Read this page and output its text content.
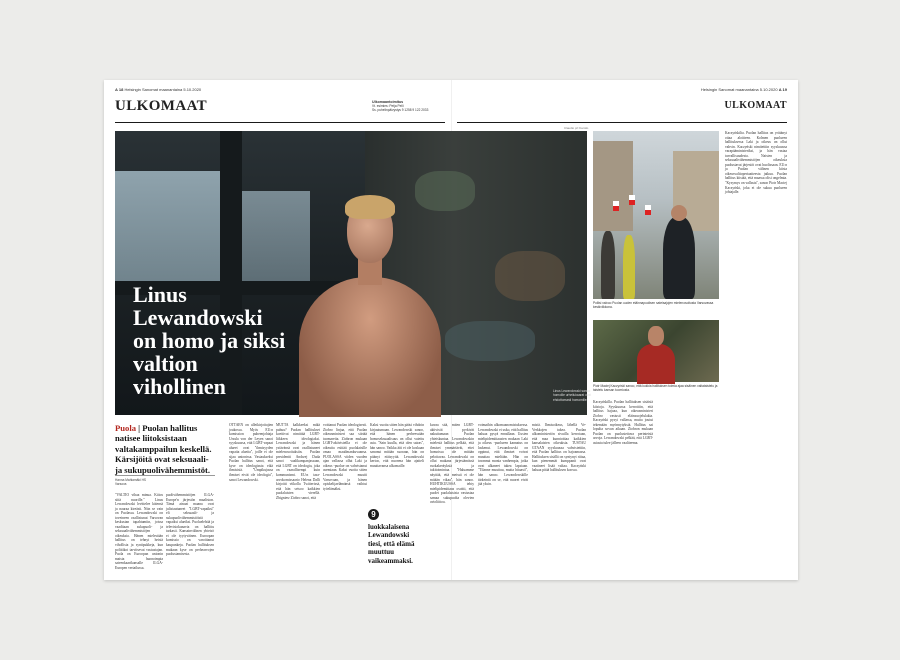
A 18 Helsingin Sanomat maanantaina 5.10.2020	Helsingin Sanomat maanantaina 5.10.2020 A 19
ULKOMAAT	ULKOMAAT
Ulkomaantoimitus
Vt. esimies: Petja Pelli
Ss. puhelinpäivystys 9 1258 9 122 2033
Claudio prl Kamilo
Linus Lewandowski on homo ja siksi valtion vihollinen	Linus Lewandowski sanoo homoille urheilukaarat ovat ehdottomasti homomille.
Poliisi valvoo Puolan uuden etäinnapuolisen sateisajojen mielenosoitusta Varsovassa keskiviikkona.
Piotr Maciej Kaczyński sanoo, että kukkia hallituksen toimia ajaa sisäinen valtataistelu ja taistelu kansan tuomiosta.
Puola | Puolan hallitus natisee liitoksistaan valtakamppailun keskellä. Kärsijöitä ovat seksuaali- ja sukupuolivähemmistöt.
Hanna Mahlamäki HS
Varsova
"VALTIO vihaa minua. Kiitos siitä nuorille." Linus Lewandowski levittelee kätensä ja nauraa kireästi. Niin se vain on Puolassa. Lewandowski on toveineen osallistunut Varsovan keskustan tapahtumiin, joissa vaaditaan sukupuoli- ja seksuaalivähemmistöjen oikeuksia. Hänen mielestään hallitus on tehnyt heistä vihollisia ja syntipukkeja, kun poliitikot tarvitsevat vastustajan. Puola on Euroopan unionin maista huonoimpia sateenkaarikansalle ILGA-Europen vertailussa.
puolivähemmistöjen ILGA-Europe'n järjestön maaliston. Tämä ainoat maana ovat julistautuneet "LGBT-vapaiksi" eli seksuaali- ja sukupuolivähemmistöistä vapaiksi alueiksi. Puoluelehtiä ja televisiokanavia on hallittu tarkasti. Kansainvälinen yhteisö ei ole tyytyväinen. Euroopan komissio on varoittanut kaupunkeja. Puolan hallituksen mukaan kyse on perhearvojen puolustamisesta.
OTTAEN on alleikirjoitajien joukossa. Myös EU:n komission puheenjohtaja Ursula von der Leyen sanoi syyskuussa, että LGBT-vapaat alueet ovat "ihmisyyden vapaita alueita", joille ei ole sijaa unionissa. Vastaukseksi Puolan hallitus sanoi, että kyse on ideologiasta eikä ihmisistä. "Umpikujassa ihmiset eivät ole ideologia", sanoi Lewandowski.
MUTTA kalkkeeksi mikä puhuu? Puolan hallitukset koettivat nimittää LGBT-liikkeen ideologiaksi. Lewandowski ja hänen ystävänsä ovat osallistuneet mielenosoituksiin. Puolan presidentti Andrzej Duda sanoi vaalikampanjassaan, että LGBT on ideologia, joka on vaarallisempi kuin kommunismi. EU:n tasa-arvokomissaario Helena Dalli kirjoitti viikolla Twitterissä, että hän seisoo kaikkien puolalaisten vierellä. Zbigniew Ziobro sanoi, että
voittanut Puolan ideologisesti. Ziobro linjaa, että Puolan oikeusministeri saa siirtää tuomareita. Ziobron mukaan LGBT-aktivisteilla ei ole oikeutta esittää puolalaisille omaa maailmankuvaansa. PUOLASSA viiden vuoden ajan vallassa ollut Laki ja oikeus -puolue on vahvistanut asemiaan. Kaksi vuotta sitten Lewandowski muutti Varsovaan, ja hänen opiskelijaelämänsä vaihtui työelämäksi.
Kaksi vuotta sitten hän pääsi vihdoin kirjautumaan. Lewandowski sanoo, että hänen perheessään homoseksuaalisuus on ollut vaiettu asia. "Sain kuulla, että olen sairas", hän sanoo. Vaikka äiti ei ole koskaan sanonut mitään suoraan, hän on pitänyt etäisyyttä. Lewandowski kertoo, että nuorena hän ajatteli muuttavansa ulkomaille.
9
luokkalaisena Lewandowski tiesi, että elämä muuttuu vaikeammaksi.
kuvaa sitä, miten LGBT-aktivistit pyrkivät nakuttamaan Puolan yhteiskuntaa. Lewandowskin mielestä hallitus pelkää, että ihmiset ymmärtävät, ettei homoissa ole mitään pelottavaa. Lewandowski on ollut mukana järjestämässä ruokakeräyksiä ja tukitoimintaa. "Haluamme näyttää, että meissä ei ole mitään vikaa", hän sanoo. HUHTIKUUSSA tehty mielipidemittaus osoitti, että puolet puolalaisista vastustaa samaa sukupuolta olevien avioliittoa.
voimaihin ulkomaanomistuksessa. Lewandowski ei usko, että hallitus haluaa pysyä ennallaan. Uusien mielipidemittausten mukaan Laki ja oikeus -puolueen kannatus on laskenut. Lewandowski on oppinut, että ihmiset voivat muuttaa mieltään. Hän on tavannut monia vanhempia, jotka ovat alkaneet tukea lapsiaan. "Tilanne muuttuu, mutta hitaasti", hän sanoo. Lewandowskille tärkeintä on se, että nuoret eivät jää yksin.
mistä. Ihmisoikeus, lähellä Ve-Verkkojen tukea. Puolan ulkoministeriön sivuilla kerrotaan, että maa kunnioittaa kaikkien kansalaisten oikeuksia. TUSTAU GTAAN syyskuussa vahvistettiin, että Puolan hallitus on hajoamassa. Hallituksen sisällä on syntynyt riitaa, kun pienemmät kumppanit ovat vaatineet lisää valtaa. Kaczyński haluaa pitää hallituksen koossa.
Kaczyńskilla. Puolan hallituksen sisäisiä kiistoja. Syyskuussa kerrottiin, että hallitus hajoaa, kun oikeusministeri Ziobro vastusti eläinsuojelulakia. Kaczyński pysyi vallassa, mutta joutui tekemään myönnytyksiä. Hallitus sai lopulta sovun aikaan. Ziobron mukaan Puolan on puolustettava perinteisiä arvoja. Lewandowski pelkää, että LGBT-asiasta tulee jälleen vaaliteema.
Kaczyńskilta. Puolan hallitus on yrittänyt ottaa aloitteen. Kolmen puolueen hallituksessa Laki ja oikeus on ollut vahvin. Kaczyński nimitettiin syyskuussa varapääministeriksi, ja hän vastaa turvallisuudesta. Naisten ja seksuaalivähemmistöjen oikeuksia puolustavat järjestöt ovat huolissaan. EU:n ja Puolan välinen kiista oikeusvaltioperiaatteesta jatkuu. Puolan hallitus kiistää, että maassa olisi ongelmia. "Kysymys on vallasta", sanoo Piotr Maciej Kaczyński, joka ei ole sukua puolueen johtajalle.
